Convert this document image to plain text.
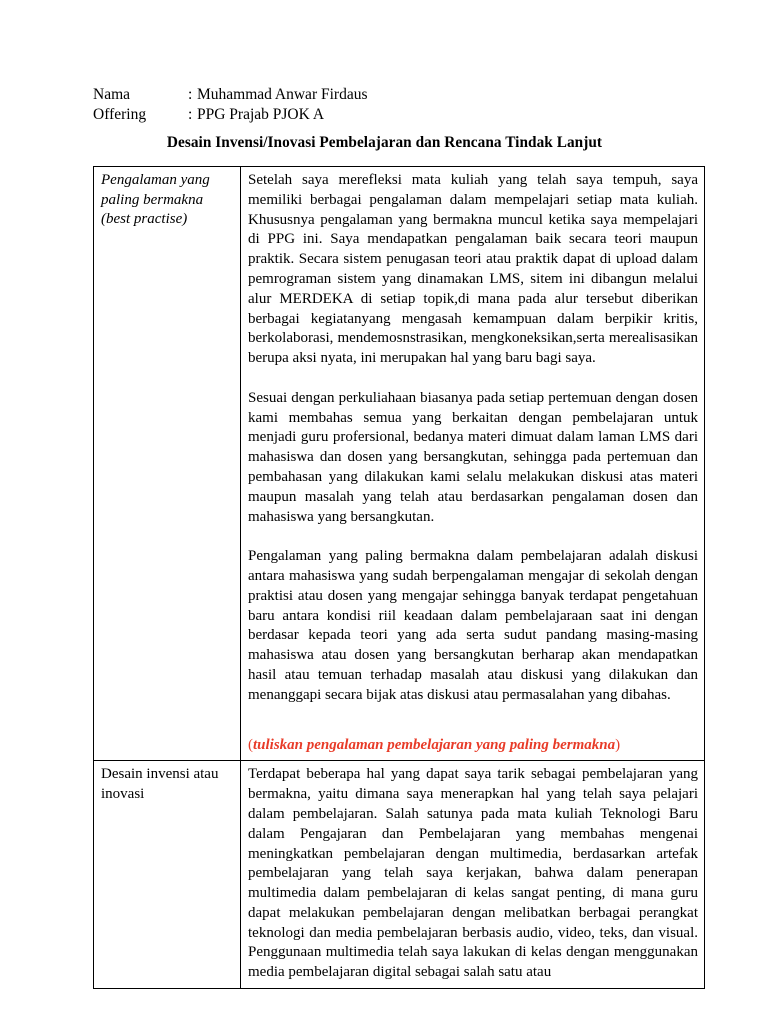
Nama	: Muhammad Anwar Firdaus
Offering	: PPG Prajab PJOK A
Desain Invensi/Inovasi Pembelajaran dan Rencana Tindak Lanjut
Pengalaman yang paling bermakna (best practise)	Setelah saya merefleksi mata kuliah yang telah saya tempuh, saya memiliki berbagai pengalaman dalam mempelajari setiap mata kuliah. Khususnya pengalaman yang bermakna muncul ketika saya mempelajari di PPG ini. Saya mendapatkan pengalaman baik secara teori maupun praktik. Secara sistem penugasan teori atau praktik dapat di upload dalam pemrograman sistem yang dinamakan LMS, sitem ini dibangun melalui alur MERDEKA di setiap topik,di mana pada alur tersebut diberikan berbagai kegiatanyang mengasah kemampuan dalam berpikir kritis, berkolaborasi, mendemosnstrasikan, mengkoneksikan,serta merealisasikan berupa aksi nyata, ini merupakan hal yang baru bagi saya.

Sesuai dengan perkuliahaan biasanya pada setiap pertemuan dengan dosen kami membahas semua yang berkaitan dengan pembelajaran untuk menjadi guru profersional, bedanya materi dimuat dalam laman LMS dari mahasiswa dan dosen yang bersangkutan, sehingga pada pertemuan dan pembahasan yang dilakukan kami selalu melakukan diskusi atas materi maupun masalah yang telah atau berdasarkan pengalaman dosen dan mahasiswa yang bersangkutan.

Pengalaman yang paling bermakna dalam pembelajaran adalah diskusi antara mahasiswa yang sudah berpengalaman mengajar di sekolah dengan praktisi atau dosen yang mengajar sehingga banyak terdapat pengetahuan baru antara kondisi riil keadaan dalam pembelajaraan saat ini dengan berdasar kepada teori yang ada serta sudut pandang masing-masing mahasiswa atau dosen yang bersangkutan berharap akan mendapatkan hasil atau temuan terhadap masalah atau diskusi yang dilakukan dan menanggapi secara bijak atas diskusi atau permasalahan yang dibahas.

(tuliskan pengalaman pembelajaran yang paling bermakna)

Desain invensi atau inovasi	Terdapat beberapa hal yang dapat saya tarik sebagai pembelajaran yang bermakna, yaitu dimana saya menerapkan hal yang telah saya pelajari dalam pembelajaran. Salah satunya pada mata kuliah Teknologi Baru dalam Pengajaran dan Pembelajaran yang membahas mengenai meningkatkan pembelajaran dengan multimedia, berdasarkan artefak pembelajaran yang telah saya kerjakan, bahwa dalam penerapan multimedia dalam pembelajaran di kelas sangat penting, di mana guru dapat melakukan pembelajaran dengan melibatkan berbagai perangkat teknologi dan media pembelajaran berbasis audio, video, teks, dan visual. Penggunaan multimedia telah saya lakukan di kelas dengan menggunakan media pembelajaran digital sebagai salah satu atau
